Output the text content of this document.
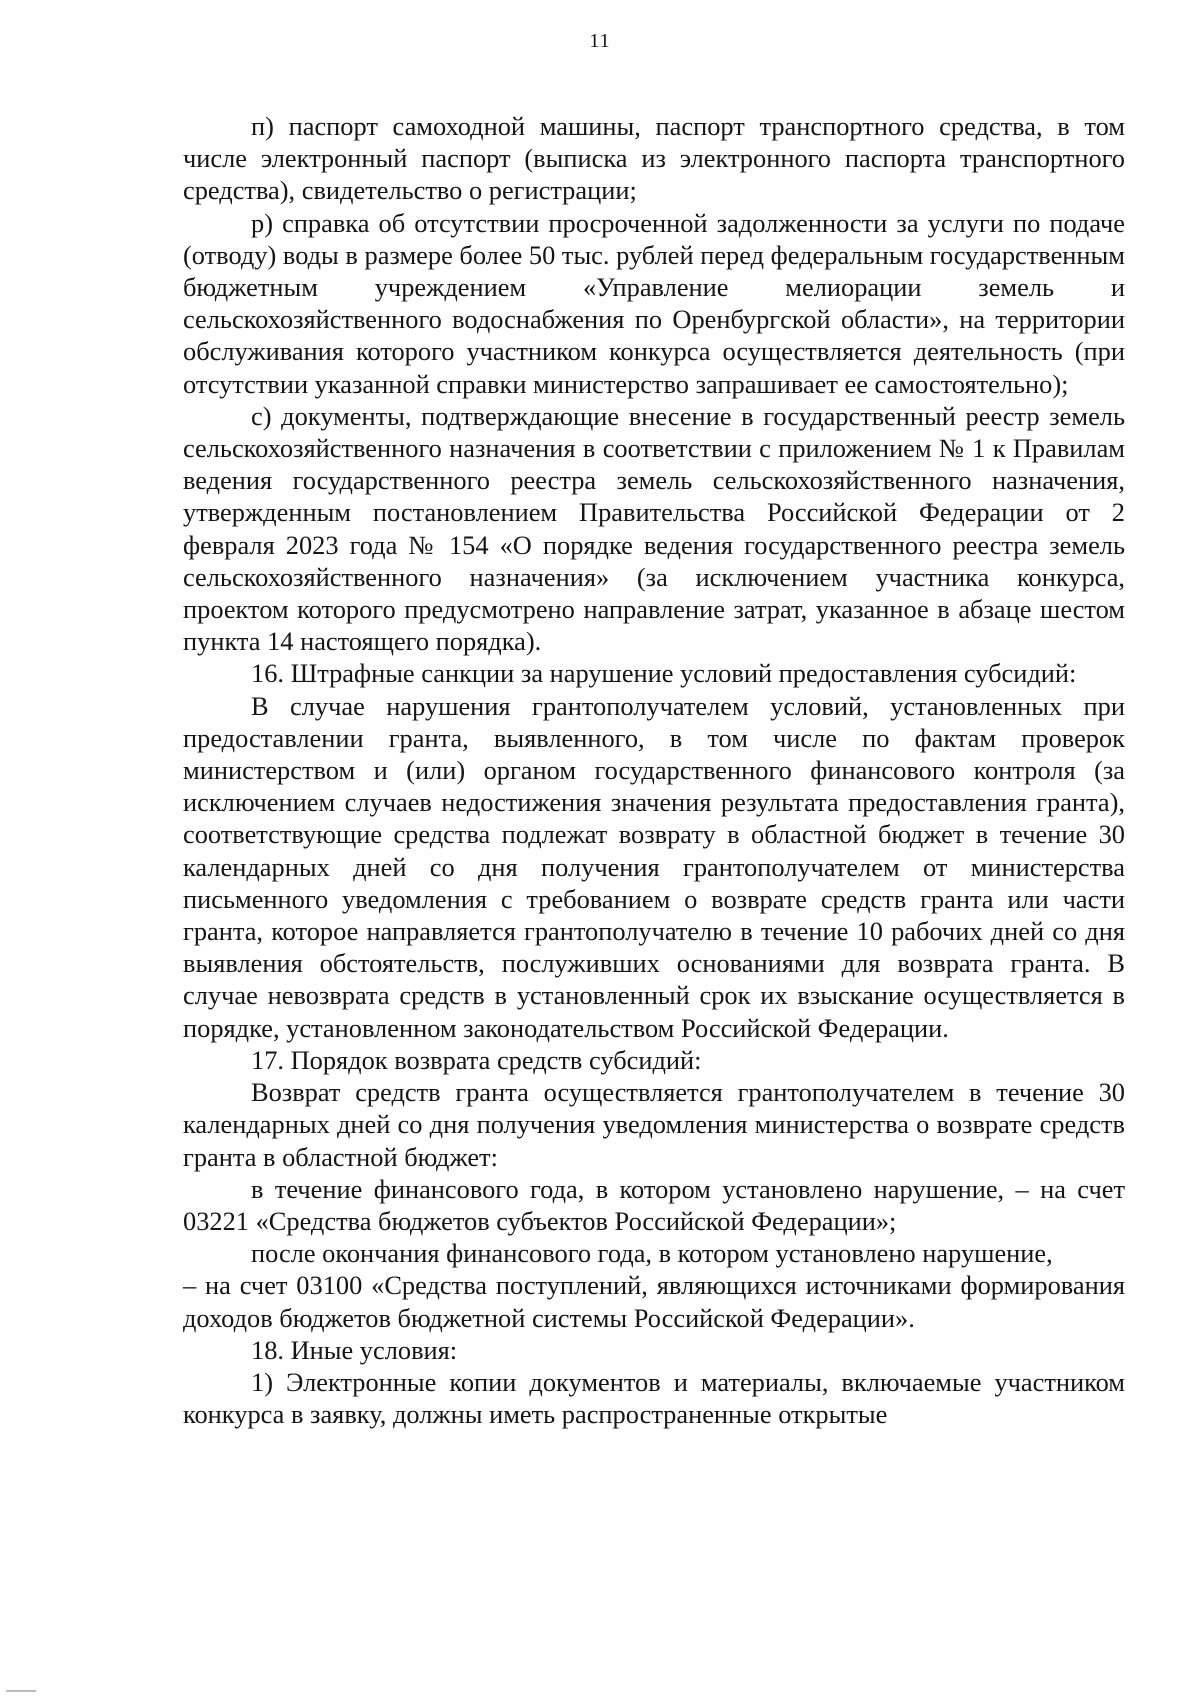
11

п) паспорт самоходной машины, паспорт транспортного средства, в том числе электронный паспорт (выписка из электронного паспорта транспортного средства), свидетельство о регистрации;

р) справка об отсутствии просроченной задолженности за услуги по подаче (отводу) воды в размере более 50 тыс. рублей перед федеральным государственным бюджетным учреждением «Управление мелиорации земель и сельскохозяйственного водоснабжения по Оренбургской области», на территории обслуживания которого участником конкурса осуществляется деятельность (при отсутствии указанной справки министерство запрашивает ее самостоятельно);

с) документы, подтверждающие внесение в государственный реестр земель сельскохозяйственного назначения в соответствии с приложением № 1 к Правилам ведения государственного реестра земель сельскохозяйственного назначения, утвержденным постановлением Правительства Российской Федерации от 2 февраля 2023 года № 154 «О порядке ведения государственного реестра земель сельскохозяйственного назначения» (за исключением участника конкурса, проектом которого предусмотрено направление затрат, указанное в абзаце шестом пункта 14 настоящего порядка).

16. Штрафные санкции за нарушение условий предоставления субсидий:

В случае нарушения грантополучателем условий, установленных при предоставлении гранта, выявленного, в том числе по фактам проверок министерством и (или) органом государственного финансового контроля (за исключением случаев недостижения значения результата предоставления гранта), соответствующие средства подлежат возврату в областной бюджет в течение 30 календарных дней со дня получения грантополучателем от министерства письменного уведомления с требованием о возврате средств гранта или части гранта, которое направляется грантополучателю в течение 10 рабочих дней со дня выявления обстоятельств, послуживших основаниями для возврата гранта. В случае невозврата средств в установленный срок их взыскание осуществляется в порядке, установленном законодательством Российской Федерации.

17. Порядок возврата средств субсидий:

Возврат средств гранта осуществляется грантополучателем в течение 30 календарных дней со дня получения уведомления министерства о возврате средств гранта в областной бюджет:

в течение финансового года, в котором установлено нарушение, – на счет 03221 «Средства бюджетов субъектов Российской Федерации»;

после окончания финансового года, в котором установлено нарушение,

– на счет 03100 «Средства поступлений, являющихся источниками формирования доходов бюджетов бюджетной системы Российской Федерации».

18. Иные условия:

1) Электронные копии документов и материалы, включаемые участником конкурса в заявку, должны иметь распространенные открытые
